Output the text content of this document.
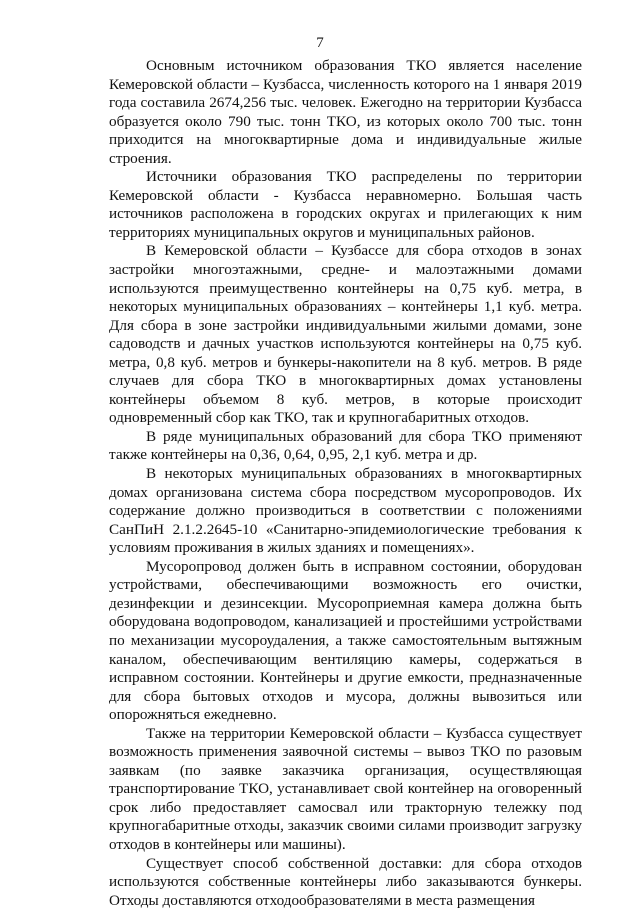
7

Основным источником образования ТКО является население Кемеровской области – Кузбасса, численность которого на 1 января 2019 года составила 2674,256 тыс. человек. Ежегодно на территории Кузбасса образуется около 790 тыс. тонн ТКО, из которых около 700 тыс. тонн приходится на многоквартирные дома и индивидуальные жилые строения.

Источники образования ТКО распределены по территории Кемеровской области - Кузбасса неравномерно. Большая часть источников расположена в городских округах и прилегающих к ним территориях муниципальных округов и муниципальных районов.

В Кемеровской области – Кузбассе для сбора отходов в зонах застройки многоэтажными, средне- и малоэтажными домами используются преимущественно контейнеры на 0,75 куб. метра, в некоторых муниципальных образованиях – контейнеры 1,1 куб. метра. Для сбора в зоне застройки индивидуальными жилыми домами, зоне садоводств и дачных участков используются контейнеры на 0,75 куб. метра, 0,8 куб. метров и бункеры-накопители на 8 куб. метров. В ряде случаев для сбора ТКО в многоквартирных домах установлены контейнеры объемом 8 куб. метров, в которые происходит одновременный сбор как ТКО, так и крупногабаритных отходов.

В ряде муниципальных образований для сбора ТКО применяют также контейнеры на 0,36, 0,64, 0,95, 2,1 куб. метра и др.

В некоторых муниципальных образованиях в многоквартирных домах организована система сбора посредством мусоропроводов. Их содержание должно производиться в соответствии с положениями СанПиН 2.1.2.2645-10 «Санитарно-эпидемиологические требования к условиям проживания в жилых зданиях и помещениях».

Мусоропровод должен быть в исправном состоянии, оборудован устройствами, обеспечивающими возможность его очистки, дезинфекции и дезинсекции. Мусороприемная камера должна быть оборудована водопроводом, канализацией и простейшими устройствами по механизации мусороудаления, а также самостоятельным вытяжным каналом, обеспечивающим вентиляцию камеры, содержаться в исправном состоянии. Контейнеры и другие емкости, предназначенные для сбора бытовых отходов и мусора, должны вывозиться или опорожняться ежедневно.

Также на территории Кемеровской области – Кузбасса существует возможность применения заявочной системы – вывоз ТКО по разовым заявкам (по заявке заказчика организация, осуществляющая транспортирование ТКО, устанавливает свой контейнер на оговоренный срок либо предоставляет самосвал или тракторную тележку под крупногабаритные отходы, заказчик своими силами производит загрузку отходов в контейнеры или машины).

Существует способ собственной доставки: для сбора отходов используются собственные контейнеры либо заказываются бункеры. Отходы доставляются отходообразователями в места размещения
